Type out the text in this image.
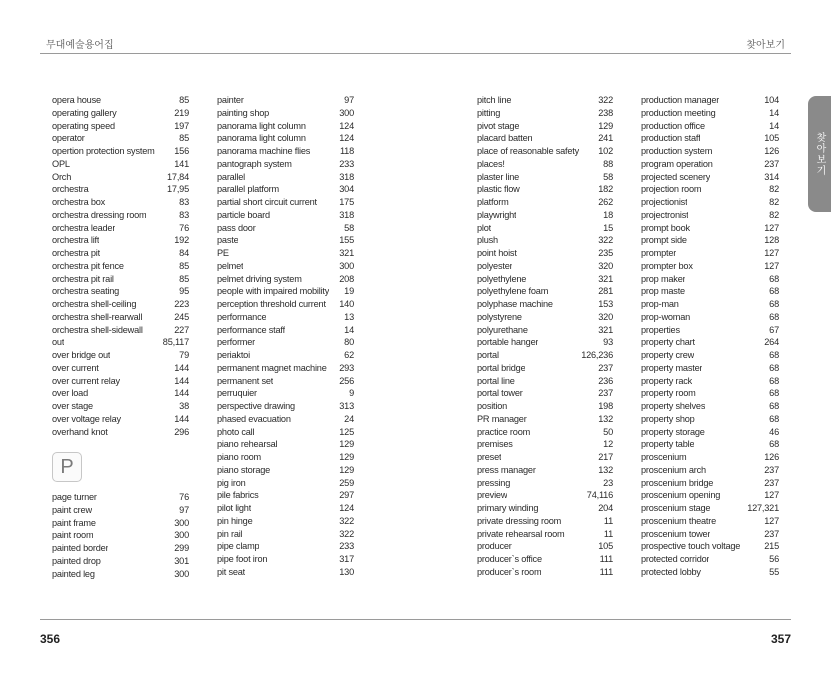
무대예술용어집	찾아보기
찾아보기
opera house	85
operating gallery	219
operating speed	197
operator	85
opertion protection system	156
OPL	141
Orch	17,84
orchestra	17,95
orchestra box	83
orchestra dressing room	83
orchestra leader	76
orchestra lift	192
orchestra pit	84
orchestra pit fence	85
orchestra pit rail	85
orchestra seating	95
orchestra shell-ceiling	223
orchestra shell-rearwall	245
orchestra shell-sidewall	227
out	85,117
over bridge out	79
over current	144
over current relay	144
over load	144
over stage	38
over voltage relay	144
overhand knot	296
P
page turner	76
paint crew	97
paint frame	300
paint room	300
painted border	299
painted drop	301
painted leg	300
painter	97
painting shop	300
panorama light column	124
panorama light column	124
panorama machine flies	118
pantograph system	233
parallel	318
parallel platform	304
partial short circuit current	175
particle board	318
pass door	58
paste	155
PE	321
pelmet	300
pelmet driving system	208
people with impaired mobility	19
perception threshold current	140
performance	13
performance staff	14
performer	80
periaktoi	62
permanent magnet machine	293
permanent set	256
perruquier	9
perspective drawing	313
phased evacuation	24
photo call	125
piano rehearsal	129
piano room	129
piano storage	129
pig iron	259
pile fabrics	297
pilot light	124
pin hinge	322
pin rail	322
pipe clamp	233
pipe foot iron	317
pit seat	130
pitch line	322
pitting	238
pivot stage	129
placard batten	241
place of reasonable safety	102
places!	88
plaster line	58
plastic flow	182
platform	262
playwright	18
plot	15
plush	322
point hoist	235
polyester	320
polyethylene	321
polyethylene foam	281
polyphase machine	153
polystyrene	320
polyurethane	321
portable hanger	93
portal	126,236
portal bridge	237
portal line	236
portal tower	237
position	198
PR manager	132
practice room	50
premises	12
preset	217
press manager	132
pressing	23
preview	74,116
primary winding	204
private dressing room	11
private rehearsal room	11
producer	105
producer`s office	111
producer`s room	111
production manager	104
production meeting	14
production office	14
production staff	105
production system	126
program operation	237
projected scenery	314
projection room	82
projectionist	82
projectronist	82
prompt book	127
prompt side	128
prompter	127
prompter box	127
prop maker	68
prop maste	68
prop-man	68
prop-woman	68
properties	67
property chart	264
property crew	68
property master	68
property rack	68
property room	68
property shelves	68
property shop	68
property storage	46
property table	68
proscenium	126
proscenium arch	237
proscenium bridge	237
proscenium opening	127
proscenium stage	127,321
proscenium theatre	127
proscenium tower	237
prospective touch voltage	215
protected corridor	56
protected lobby	55
356	357
